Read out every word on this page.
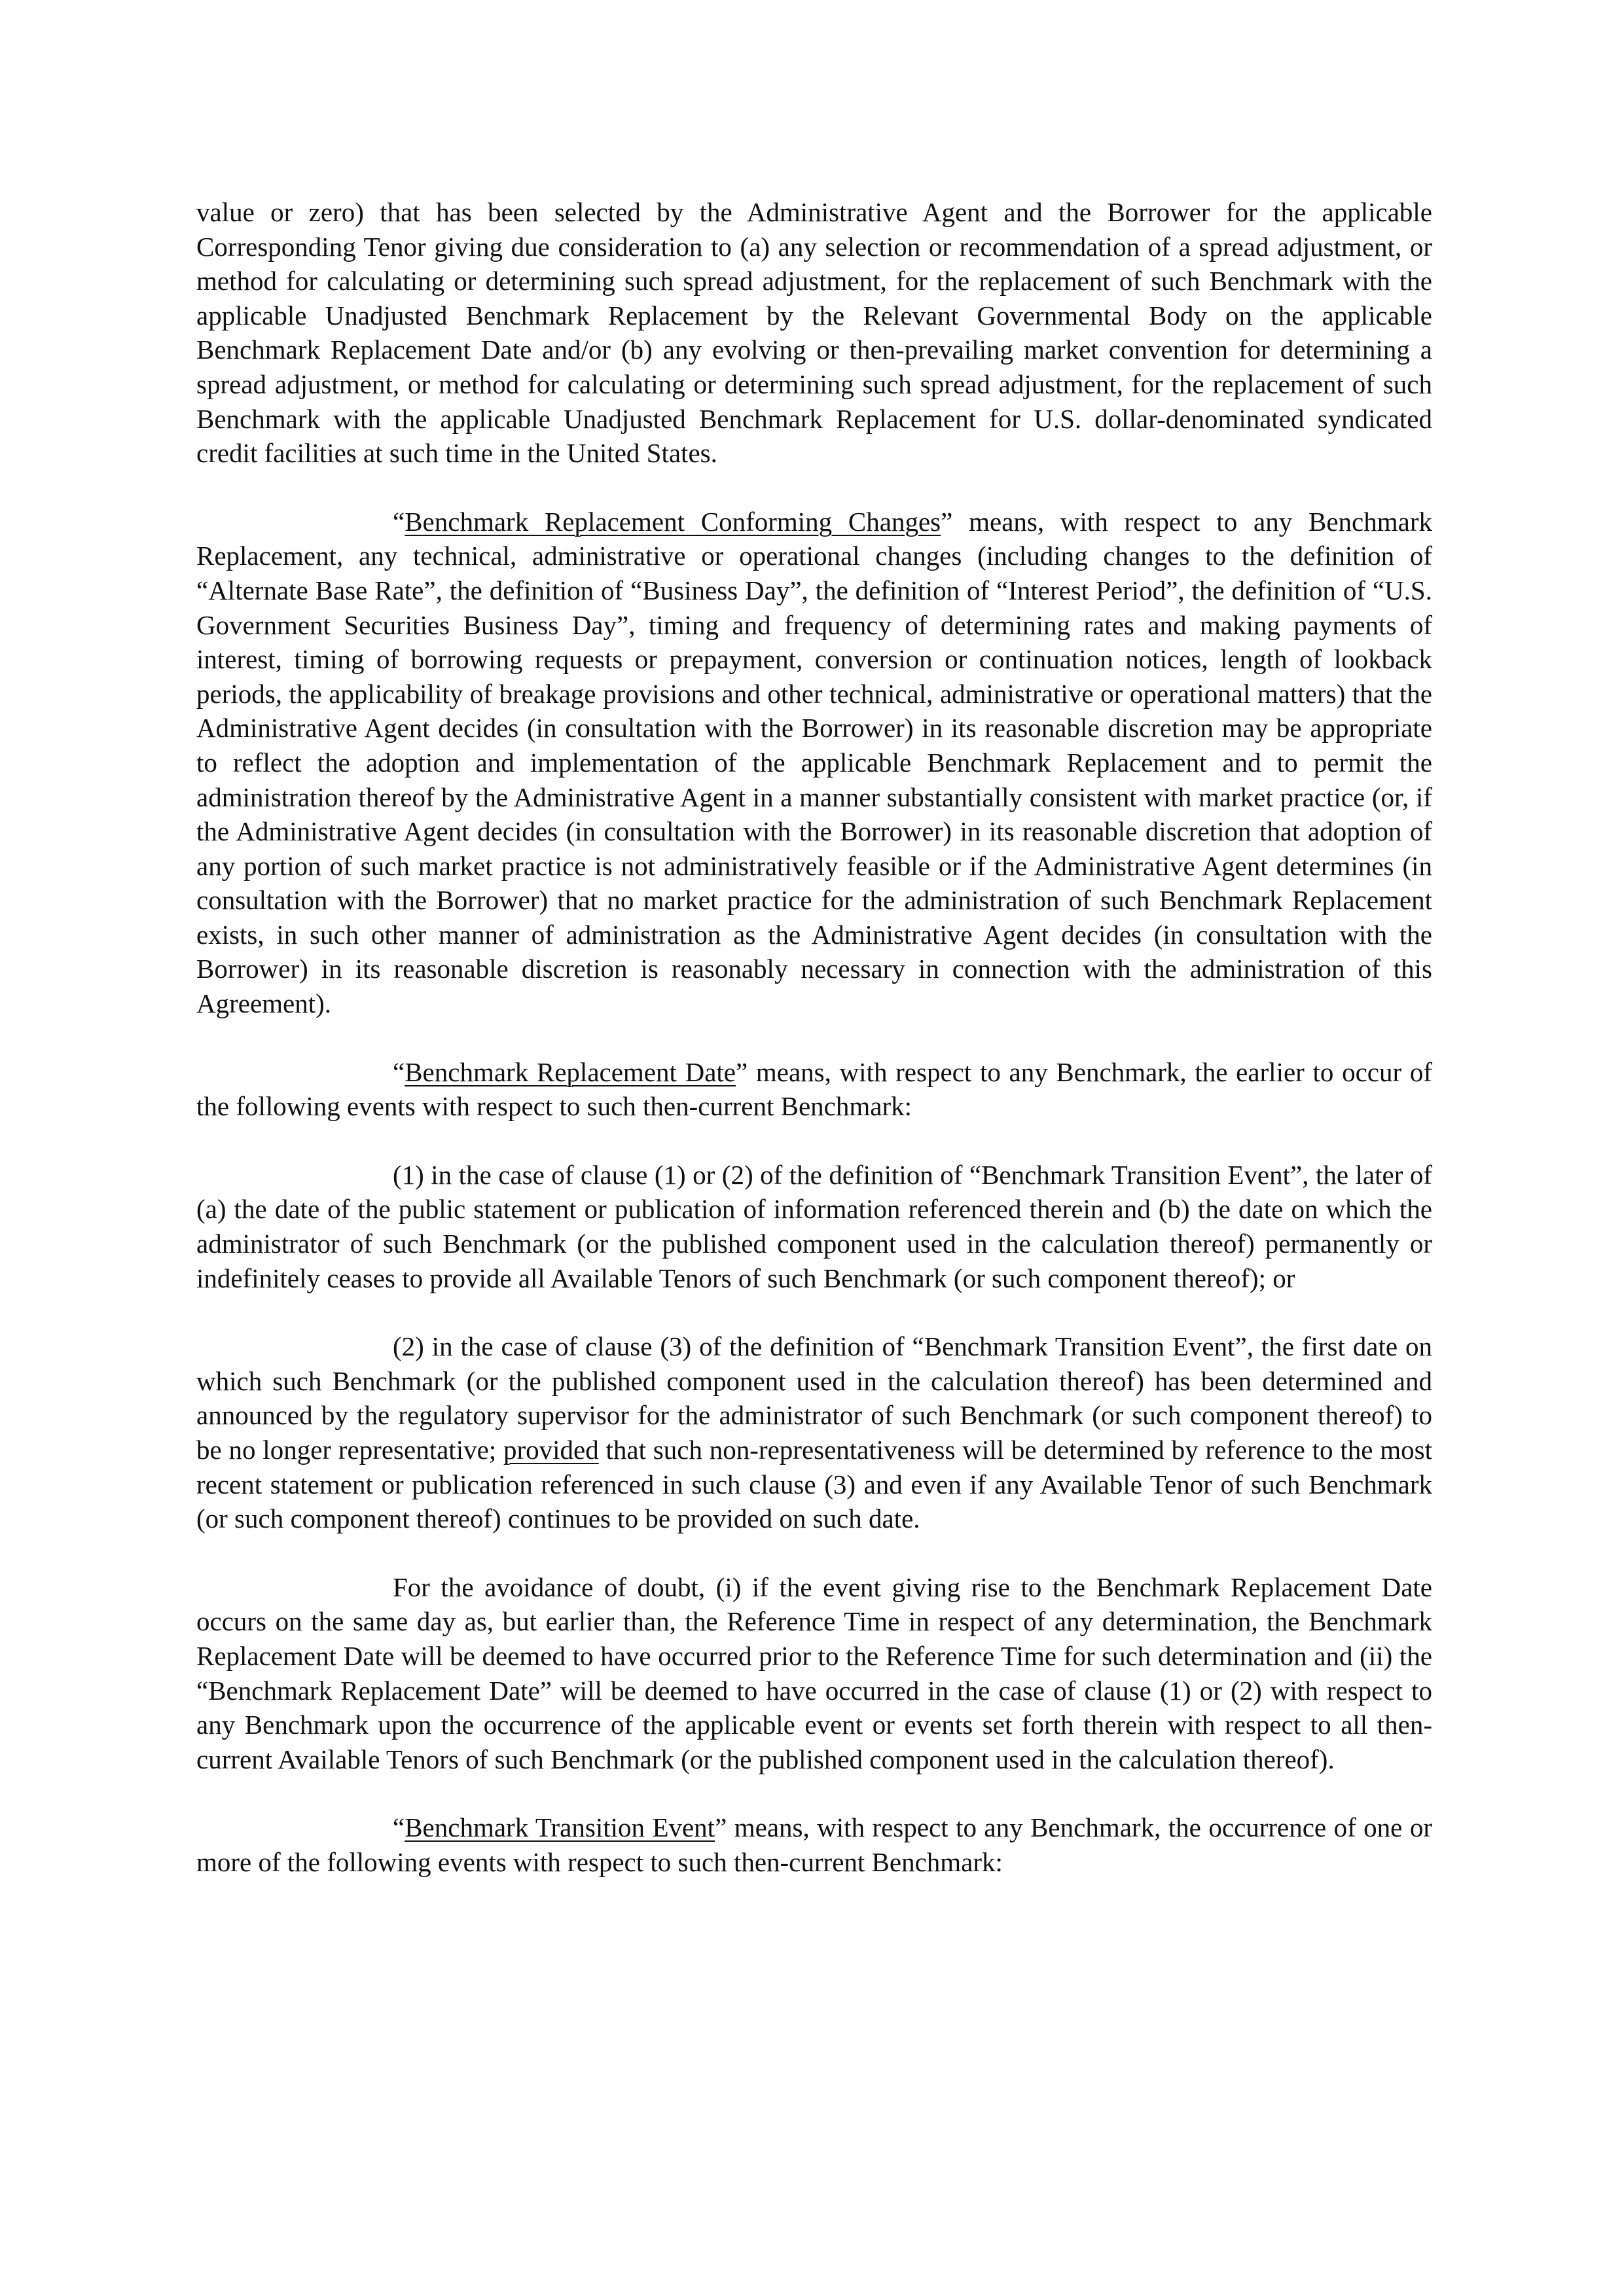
value or zero) that has been selected by the Administrative Agent and the Borrower for the applicable Corresponding Tenor giving due consideration to (a) any selection or recommendation of a spread adjustment, or method for calculating or determining such spread adjustment, for the replacement of such Benchmark with the applicable Unadjusted Benchmark Replacement by the Relevant Governmental Body on the applicable Benchmark Replacement Date and/or (b) any evolving or then-prevailing market convention for determining a spread adjustment, or method for calculating or determining such spread adjustment, for the replacement of such Benchmark with the applicable Unadjusted Benchmark Replacement for U.S. dollar-denominated syndicated credit facilities at such time in the United States.

“Benchmark Replacement Conforming Changes” means, with respect to any Benchmark Replacement, any technical, administrative or operational changes (including changes to the definition of “Alternate Base Rate”, the definition of “Business Day”, the definition of “Interest Period”, the definition of “U.S. Government Securities Business Day”, timing and frequency of determining rates and making payments of interest, timing of borrowing requests or prepayment, conversion or continuation notices, length of lookback periods, the applicability of breakage provisions and other technical, administrative or operational matters) that the Administrative Agent decides (in consultation with the Borrower) in its reasonable discretion may be appropriate to reflect the adoption and implementation of the applicable Benchmark Replacement and to permit the administration thereof by the Administrative Agent in a manner substantially consistent with market practice (or, if the Administrative Agent decides (in consultation with the Borrower) in its reasonable discretion that adoption of any portion of such market practice is not administratively feasible or if the Administrative Agent determines (in consultation with the Borrower) that no market practice for the administration of such Benchmark Replacement exists, in such other manner of administration as the Administrative Agent decides (in consultation with the Borrower) in its reasonable discretion is reasonably necessary in connection with the administration of this Agreement).

“Benchmark Replacement Date” means, with respect to any Benchmark, the earlier to occur of the following events with respect to such then-current Benchmark:

(1) in the case of clause (1) or (2) of the definition of “Benchmark Transition Event”, the later of (a) the date of the public statement or publication of information referenced therein and (b) the date on which the administrator of such Benchmark (or the published component used in the calculation thereof) permanently or indefinitely ceases to provide all Available Tenors of such Benchmark (or such component thereof); or

(2) in the case of clause (3) of the definition of “Benchmark Transition Event”, the first date on which such Benchmark (or the published component used in the calculation thereof) has been determined and announced by the regulatory supervisor for the administrator of such Benchmark (or such component thereof) to be no longer representative; provided that such non-representativeness will be determined by reference to the most recent statement or publication referenced in such clause (3) and even if any Available Tenor of such Benchmark (or such component thereof) continues to be provided on such date.

For the avoidance of doubt, (i) if the event giving rise to the Benchmark Replacement Date occurs on the same day as, but earlier than, the Reference Time in respect of any determination, the Benchmark Replacement Date will be deemed to have occurred prior to the Reference Time for such determination and (ii) the “Benchmark Replacement Date” will be deemed to have occurred in the case of clause (1) or (2) with respect to any Benchmark upon the occurrence of the applicable event or events set forth therein with respect to all then-current Available Tenors of such Benchmark (or the published component used in the calculation thereof).

“Benchmark Transition Event” means, with respect to any Benchmark, the occurrence of one or more of the following events with respect to such then-current Benchmark:
